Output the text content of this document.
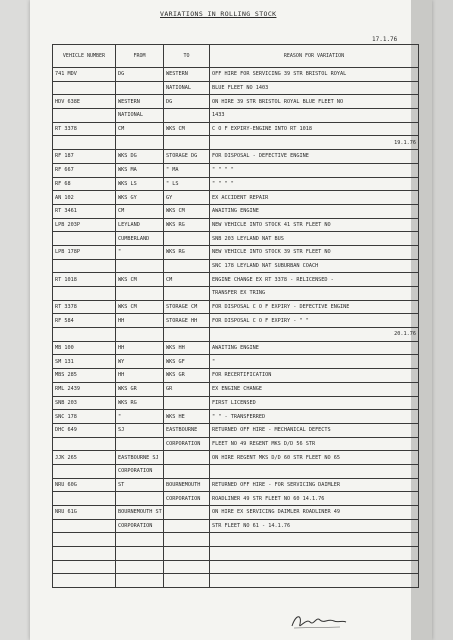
VARIATIONS IN ROLLING STOCK
17.1.76
VEHICLE NUMBER	FROM	TO	REASON FOR VARIATION
741 MDV	DG	WESTERN	OFF HIRE FOR SERVICING 39 STR BRISTOL ROYAL
		NATIONAL	BLUE FLEET NO 1403
HDV 638E	WESTERN	DG	ON HIRE 39 STR BRISTOL ROYAL BLUE FLEET NO
	NATIONAL		1433
RT 3378	CM	WKS CM	C O F EXPIRY-ENGINE INTO RT 1018
			19.1.76
RF 187	WKS DG	STORAGE DG	FOR DISPOSAL - DEFECTIVE ENGINE
RF 667	WKS MA	" MA	" " " "
RF 68	WKS LS	" LS	" " " "
AN 102	WKS GY	GY	EX ACCIDENT REPAIR
RT 3461	CM	WKS CM	AWAITING ENGINE
LPB 203P	LEYLAND	WKS RG	NEW VEHICLE INTO STOCK 41 STR FLEET NO
	CUMBERLAND		SNB 203 LEYLAND NAT BUS
LPB 178P	"	WKS RG	NEW VEHICLE INTO STOCK 39 STR FLEET NO
			SNC 178 LEYLAND NAT SUBURBAN COACH
RT 1018	WKS CM	CM	ENGINE CHANGE EX RT 3378 - RELICENSED -
			TRANSFER EX TRING
RT 3378	WKS CM	STORAGE CM	FOR DISPOSAL C O F EXPIRY - DEFECTIVE ENGINE
RF 584	HH	STORAGE HH	FOR DISPOSAL C O F EXPIRY - " "
			20.1.76
MB 100	HH	WKS HH	AWAITING ENGINE
SM 131	WY	WKS GF	"
MBS 285	HH	WKS GR	FOR RECERTIFICATION
RML 2439	WKS GR	GR	EX ENGINE CHANGE
SNB 203	WKS RG		FIRST LICENSED
SNC 178	"	WKS HE	" " - TRANSFERRED
DHC 649	SJ	EASTBOURNE	RETURNED OFF HIRE - MECHANICAL DEFECTS
		CORPORATION	FLEET NO 49 REGENT MKS D/D 56 STR
JJK 265	EASTBOURNE SJ		ON HIRE REGENT MKS D/D 60 STR FLEET NO 65
	CORPORATION		
NRU 60G	ST	BOURNEMOUTH	RETURNED OFF HIRE - FOR SERVICING DAIMLER
		CORPORATION	ROADLINER 49 STR FLEET NO 60 14.1.76
NRU 61G	BOURNEMOUTH ST		ON HIRE EX SERVICING DAIMLER ROADLINER 49
	CORPORATION		STR FLEET NO 61 - 14.1.76
